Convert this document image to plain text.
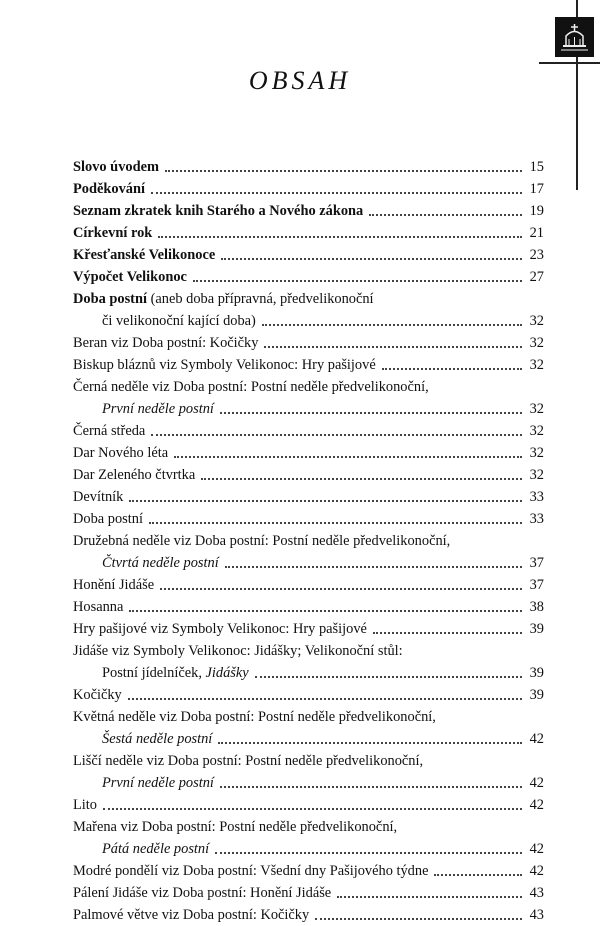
OBSAH
Slovo úvodem	15
Poděkování	17
Seznam zkratek knih Starého a Nového zákona	19
Církevní rok	21
Křesťanské Velikonoce	23
Výpočet Velikonoc	27
Doba postní (aneb doba přípravná, předvelikonoční
či velikonoční kající doba)	32
Beran viz Doba postní: Kočičky	32
Biskup bláznů viz Symboly Velikonoc: Hry pašijové	32
Černá neděle viz Doba postní: Postní neděle předvelikonoční,
První neděle postní	32
Černá středa	32
Dar Nového léta	32
Dar Zeleného čtvrtka	32
Devítník	33
Doba postní	33
Družebná neděle viz Doba postní: Postní neděle předvelikonoční,
Čtvrtá neděle postní	37
Honění Jidáše	37
Hosanna	38
Hry pašijové viz Symboly Velikonoc: Hry pašijové	39
Jidáše viz Symboly Velikonoc: Jidášky; Velikonoční stůl:
Postní jídelníček, Jidášky	39
Kočičky	39
Květná neděle viz Doba postní: Postní neděle předvelikonoční,
Šestá neděle postní	42
Liščí neděle viz Doba postní: Postní neděle předvelikonoční,
První neděle postní	42
Lito	42
Mařena viz Doba postní: Postní neděle předvelikonoční,
Pátá neděle postní	42
Modré pondělí viz Doba postní: Všední dny Pašijového týdne	42
Pálení Jidáše viz Doba postní: Honění Jidáše	43
Palmové větve viz Doba postní: Kočičky	43
